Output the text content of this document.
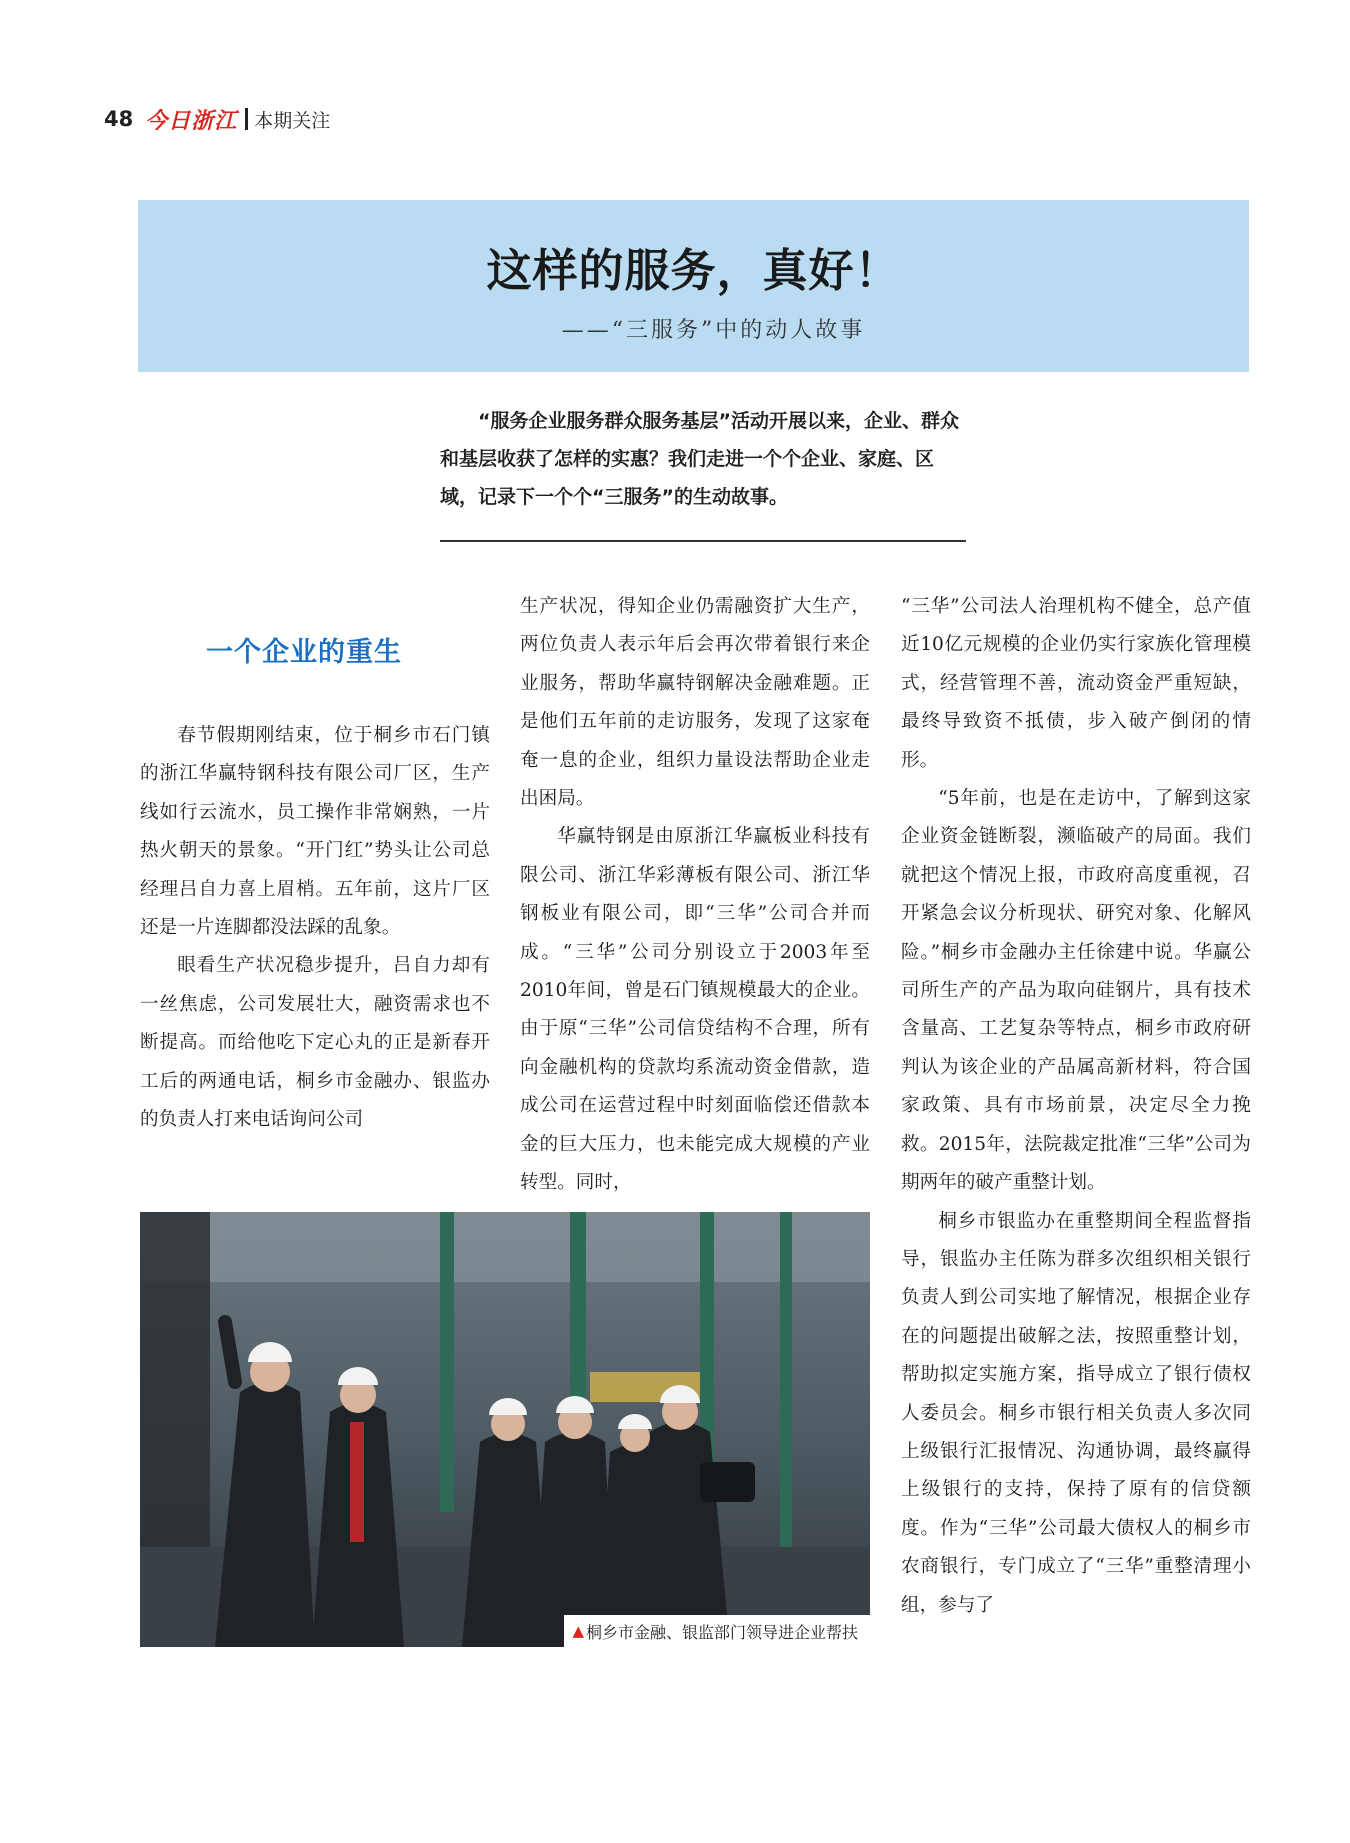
48 今日浙江 本期关注
这样的服务，真好！
——“三服务”中的动人故事

“服务企业服务群众服务基层”活动开展以来，企业、群众和基层收获了怎样的实惠？我们走进一个个企业、家庭、区域，记录下一个个“三服务”的生动故事。

一个企业的重生

春节假期刚结束，位于桐乡市石门镇的浙江华赢特钢科技有限公司厂区，生产线如行云流水，员工操作非常娴熟，一片热火朝天的景象。“开门红”势头让公司总经理吕自力喜上眉梢。五年前，这片厂区还是一片连脚都没法踩的乱象。

眼看生产状况稳步提升，吕自力却有一丝焦虑，公司发展壮大，融资需求也不断提高。而给他吃下定心丸的正是新春开工后的两通电话，桐乡市金融办、银监办的负责人打来电话询问公司

生产状况，得知企业仍需融资扩大生产，两位负责人表示年后会再次带着银行来企业服务，帮助华赢特钢解决金融难题。正是他们五年前的走访服务，发现了这家奄奄一息的企业，组织力量设法帮助企业走出困局。

华赢特钢是由原浙江华赢板业科技有限公司、浙江华彩薄板有限公司、浙江华钢板业有限公司，即“三华”公司合并而成。“三华”公司分别设立于2003年至2010年间，曾是石门镇规模最大的企业。由于原“三华”公司信贷结构不合理，所有向金融机构的贷款均系流动资金借款，造成公司在运营过程中时刻面临偿还借款本金的巨大压力，也未能完成大规模的产业转型。同时，

“三华”公司法人治理机构不健全，总产值近10亿元规模的企业仍实行家族化管理模式，经营管理不善，流动资金严重短缺，最终导致资不抵债，步入破产倒闭的情形。

“5年前，也是在走访中，了解到这家企业资金链断裂，濒临破产的局面。我们就把这个情况上报，市政府高度重视，召开紧急会议分析现状、研究对象、化解风险。”桐乡市金融办主任徐建中说。华赢公司所生产的产品为取向硅钢片，具有技术含量高、工艺复杂等特点，桐乡市政府研判认为该企业的产品属高新材料，符合国家政策、具有市场前景，决定尽全力挽救。2015年，法院裁定批准“三华”公司为期两年的破产重整计划。

桐乡市银监办在重整期间全程监督指导，银监办主任陈为群多次组织相关银行负责人到公司实地了解情况，根据企业存在的问题提出破解之法，按照重整计划，帮助拟定实施方案，指导成立了银行债权人委员会。桐乡市银行相关负责人多次同上级银行汇报情况、沟通协调，最终赢得上级银行的支持，保持了原有的信贷额度。作为“三华”公司最大债权人的桐乡市农商银行，专门成立了“三华”重整清理小组，参与了

▲ 桐乡市金融、银监部门领导进企业帮扶
